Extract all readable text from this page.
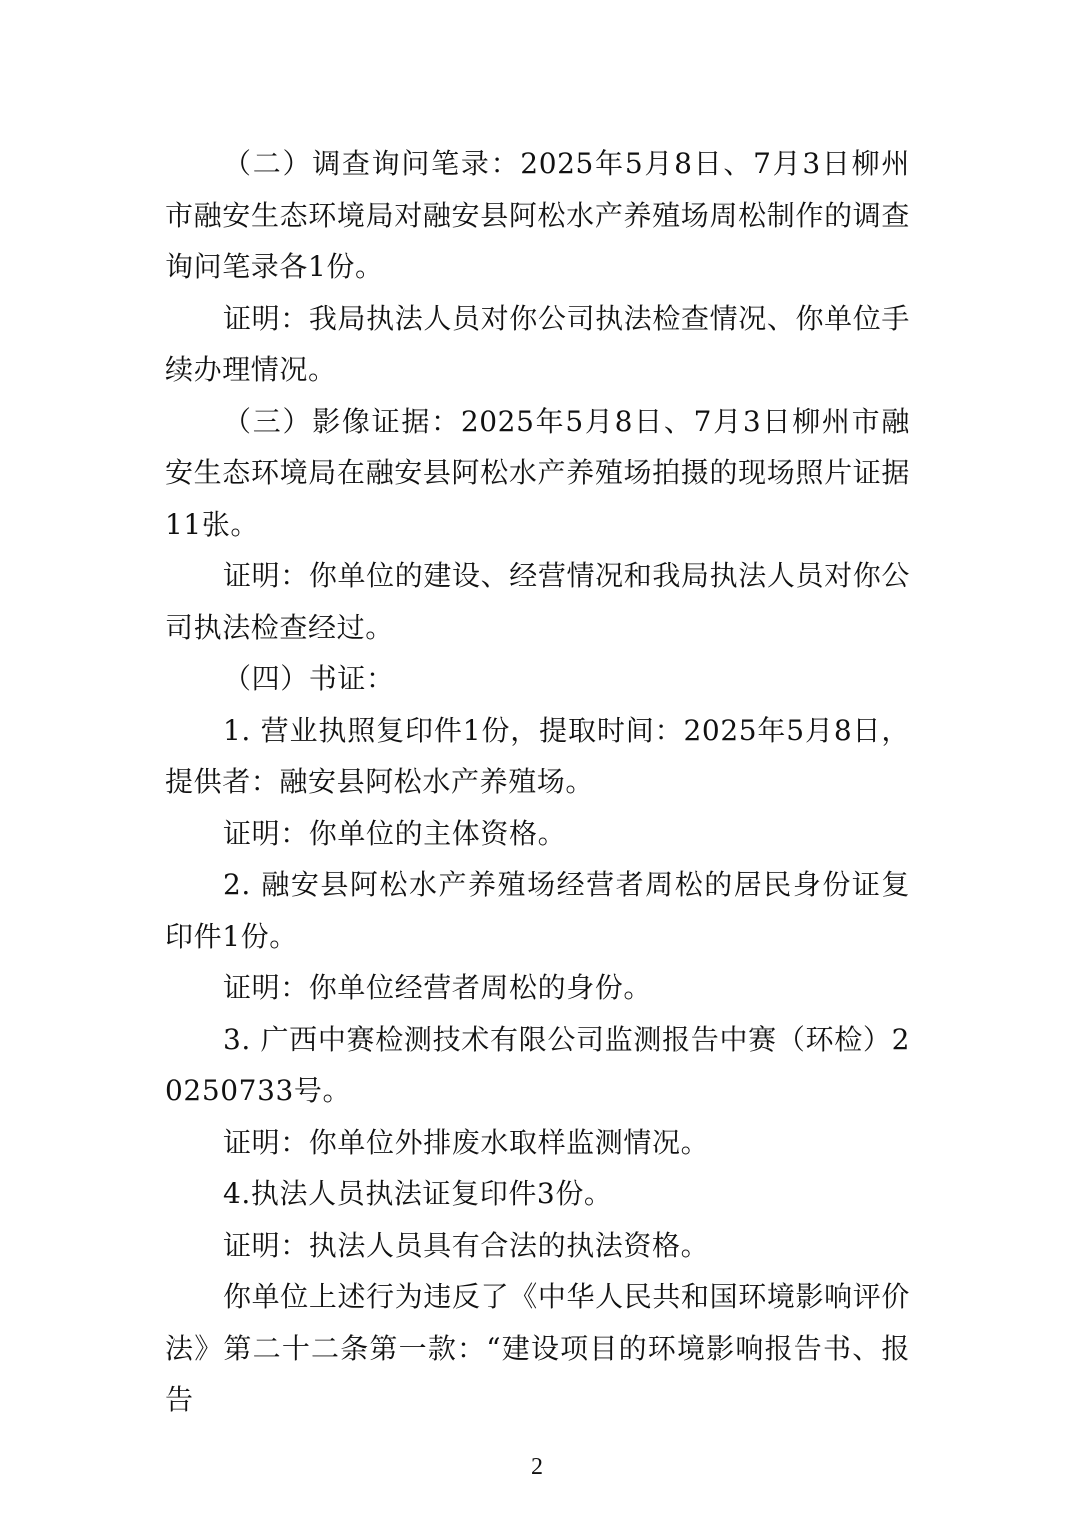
（二）调查询问笔录：2025年5月8日、7月3日柳州市融安生态环境局对融安县阿松水产养殖场周松制作的调查询问笔录各1份。

证明：我局执法人员对你公司执法检查情况、你单位手续办理情况。

（三）影像证据：2025年5月8日、7月3日柳州市融安生态环境局在融安县阿松水产养殖场拍摄的现场照片证据11张。

证明：你单位的建设、经营情况和我局执法人员对你公司执法检查经过。

（四）书证：

1. 营业执照复印件1份，提取时间：2025年5月8日，提供者：融安县阿松水产养殖场。

证明：你单位的主体资格。

2. 融安县阿松水产养殖场经营者周松的居民身份证复印件1份。

证明：你单位经营者周松的身份。

3. 广西中赛检测技术有限公司监测报告中赛（环检）20250733号。

证明：你单位外排废水取样监测情况。

4.执法人员执法证复印件3份。

证明：执法人员具有合法的执法资格。

你单位上述行为违反了《中华人民共和国环境影响评价法》第二十二条第一款：“建设项目的环境影响报告书、报告

2
